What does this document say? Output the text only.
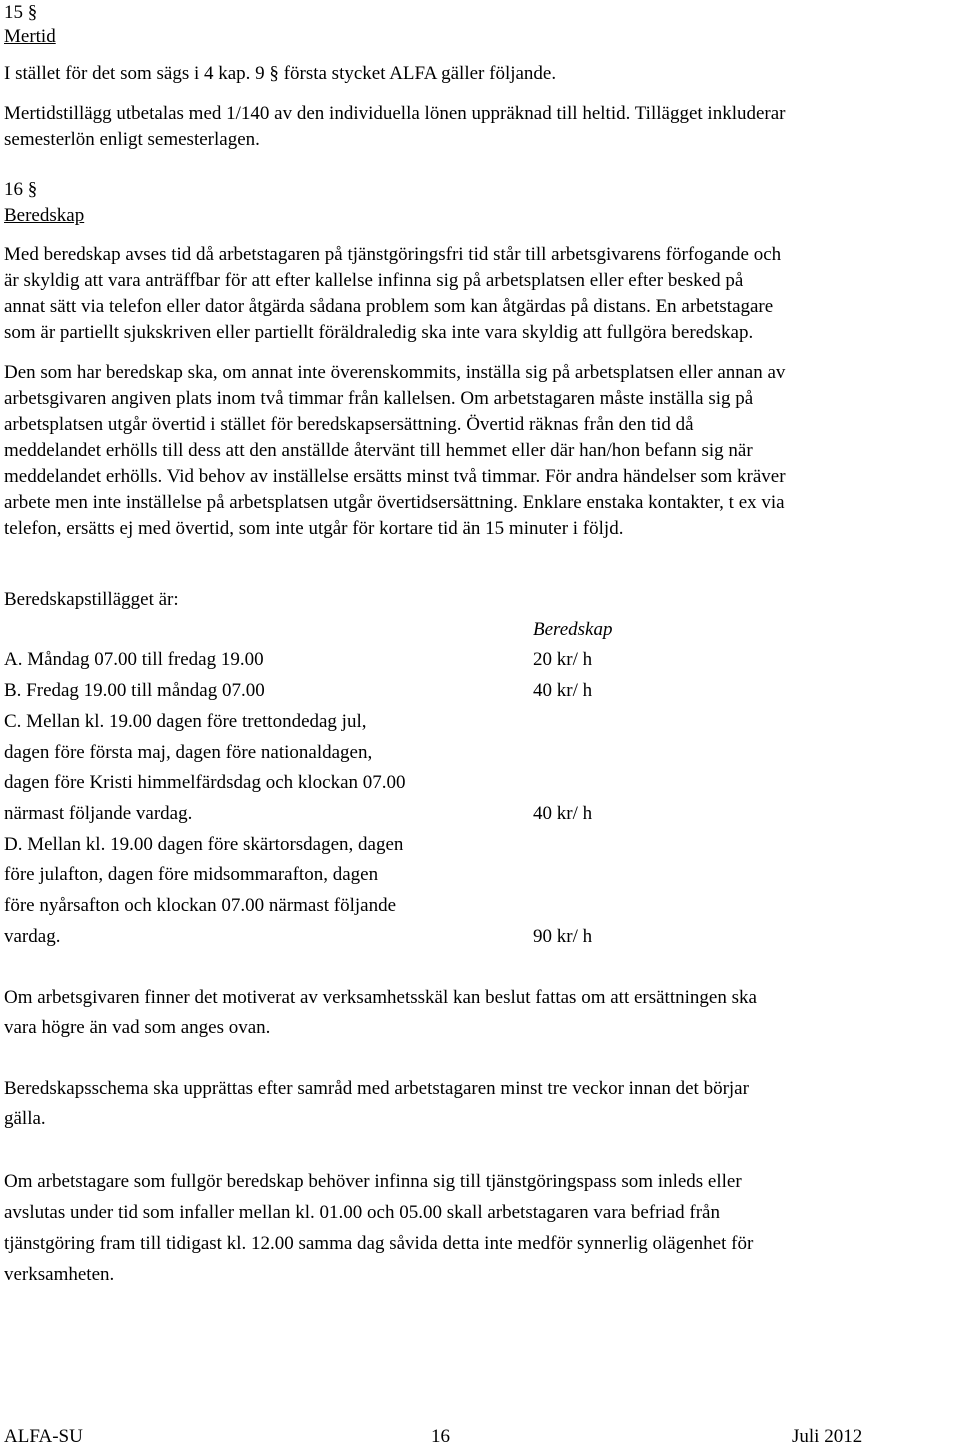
15 §
Mertid
I stället för det som sägs i 4 kap. 9 § första stycket ALFA gäller följande.
Mertidstillägg utbetalas med 1/140 av den individuella lönen uppräknad till heltid. Tillägget inkluderar
semesterlön enligt semesterlagen.
16 §
Beredskap
Med beredskap avses tid då arbetstagaren på tjänstgöringsfri tid står till arbetsgivarens förfogande och
är skyldig att vara anträffbar för att efter kallelse infinna sig på arbetsplatsen eller efter besked på
annat sätt via telefon eller dator åtgärda sådana problem som kan åtgärdas på distans. En arbetstagare
som är partiellt sjukskriven eller partiellt föräldraledig ska inte vara skyldig att fullgöra beredskap.
Den som har beredskap ska, om annat inte överenskommits, inställa sig på arbetsplatsen eller annan av
arbetsgivaren angiven plats inom två timmar från kallelsen. Om arbetstagaren måste inställa sig på
arbetsplatsen utgår övertid i stället för beredskapsersättning. Övertid räknas från den tid då
meddelandet erhölls till dess att den anställde återvänt till hemmet eller där han/hon befann sig när
meddelandet erhölls. Vid behov av inställelse ersätts minst två timmar. För andra händelser som kräver
arbete men inte inställelse på arbetsplatsen utgår övertidsersättning. Enklare enstaka kontakter, t ex via
telefon, ersätts ej med övertid, som inte utgår för kortare tid än 15 minuter i följd.
Beredskapstillägget är:
Beredskap
A. Måndag 07.00 till fredag 19.00	20 kr/ h
B. Fredag 19.00 till måndag 07.00	40 kr/ h
C. Mellan kl. 19.00 dagen före trettondedag jul,
dagen före första maj, dagen före nationaldagen,
dagen före Kristi himmelfärdsdag och klockan 07.00
närmast följande vardag.	40 kr/ h
D. Mellan kl. 19.00 dagen före skärtorsdagen, dagen
före julafton, dagen före midsommarafton, dagen
före nyårsafton och klockan 07.00 närmast följande
vardag.	90 kr/ h
Om arbetsgivaren finner det motiverat av verksamhetsskäl kan beslut fattas om att ersättningen ska
vara högre än vad som anges ovan.
Beredskapsschema ska upprättas efter samråd med arbetstagaren minst tre veckor innan det börjar
gälla.
Om arbetstagare som fullgör beredskap behöver infinna sig till tjänstgöringspass som inleds eller
avslutas under tid som infaller mellan kl. 01.00 och 05.00 skall arbetstagaren vara befriad från
tjänstgöring fram till tidigast kl. 12.00 samma dag såvida detta inte medför synnerlig olägenhet för
verksamheten.
ALFA-SU	16	Juli 2012
